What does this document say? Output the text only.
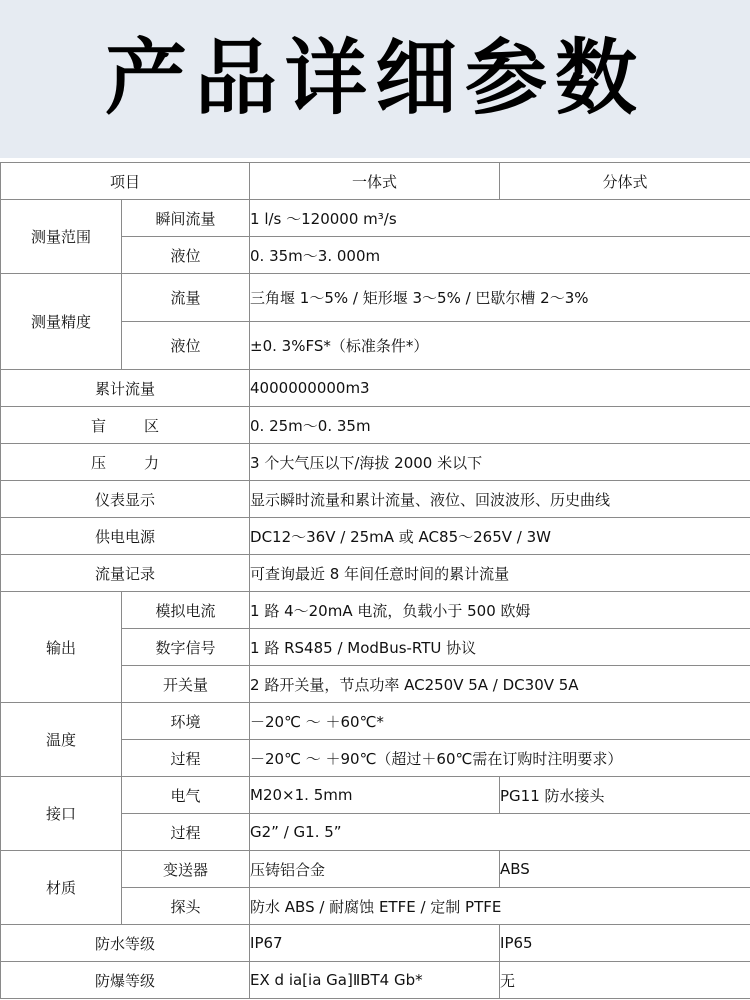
产品详细参数
项目		一体式	分体式
测量范围	瞬间流量	1 l/s ～120000 m³/s	
	液位	0. 35m～3. 000m	
测量精度	流量	三角堰 1～5% / 矩形堰 3～5% / 巴歇尔槽 2～3%	
	液位	±0. 3%FS*（标准条件*）	
累计流量		4000000000m3	
盲 区		0. 25m～0. 35m	
压 力		3 个大气压以下/海拔 2000 米以下	
仪表显示		显示瞬时流量和累计流量、液位、回波波形、历史曲线	
供电电源		DC12～36V / 25mA 或 AC85～265V / 3W	
流量记录		可查询最近 8 年间任意时间的累计流量	
输出	模拟电流	1 路 4～20mA 电流，负载小于 500 欧姆	
	数字信号	1 路 RS485 / ModBus-RTU 协议	
	开关量	2 路开关量，节点功率 AC250V 5A / DC30V 5A	
温度	环境	－20℃ ～ ＋60℃*	
	过程	－20℃ ～ ＋90℃（超过＋60℃需在订购时注明要求）	
接口	电气	M20×1. 5mm	PG11 防水接头
	过程	G2” / G1. 5”	
材质	变送器	压铸铝合金	ABS
	探头	防水 ABS / 耐腐蚀 ETFE / 定制 PTFE	
防水等级		IP67	IP65
防爆等级		EX d ia[ia Ga]ⅡBT4 Gb*	无
